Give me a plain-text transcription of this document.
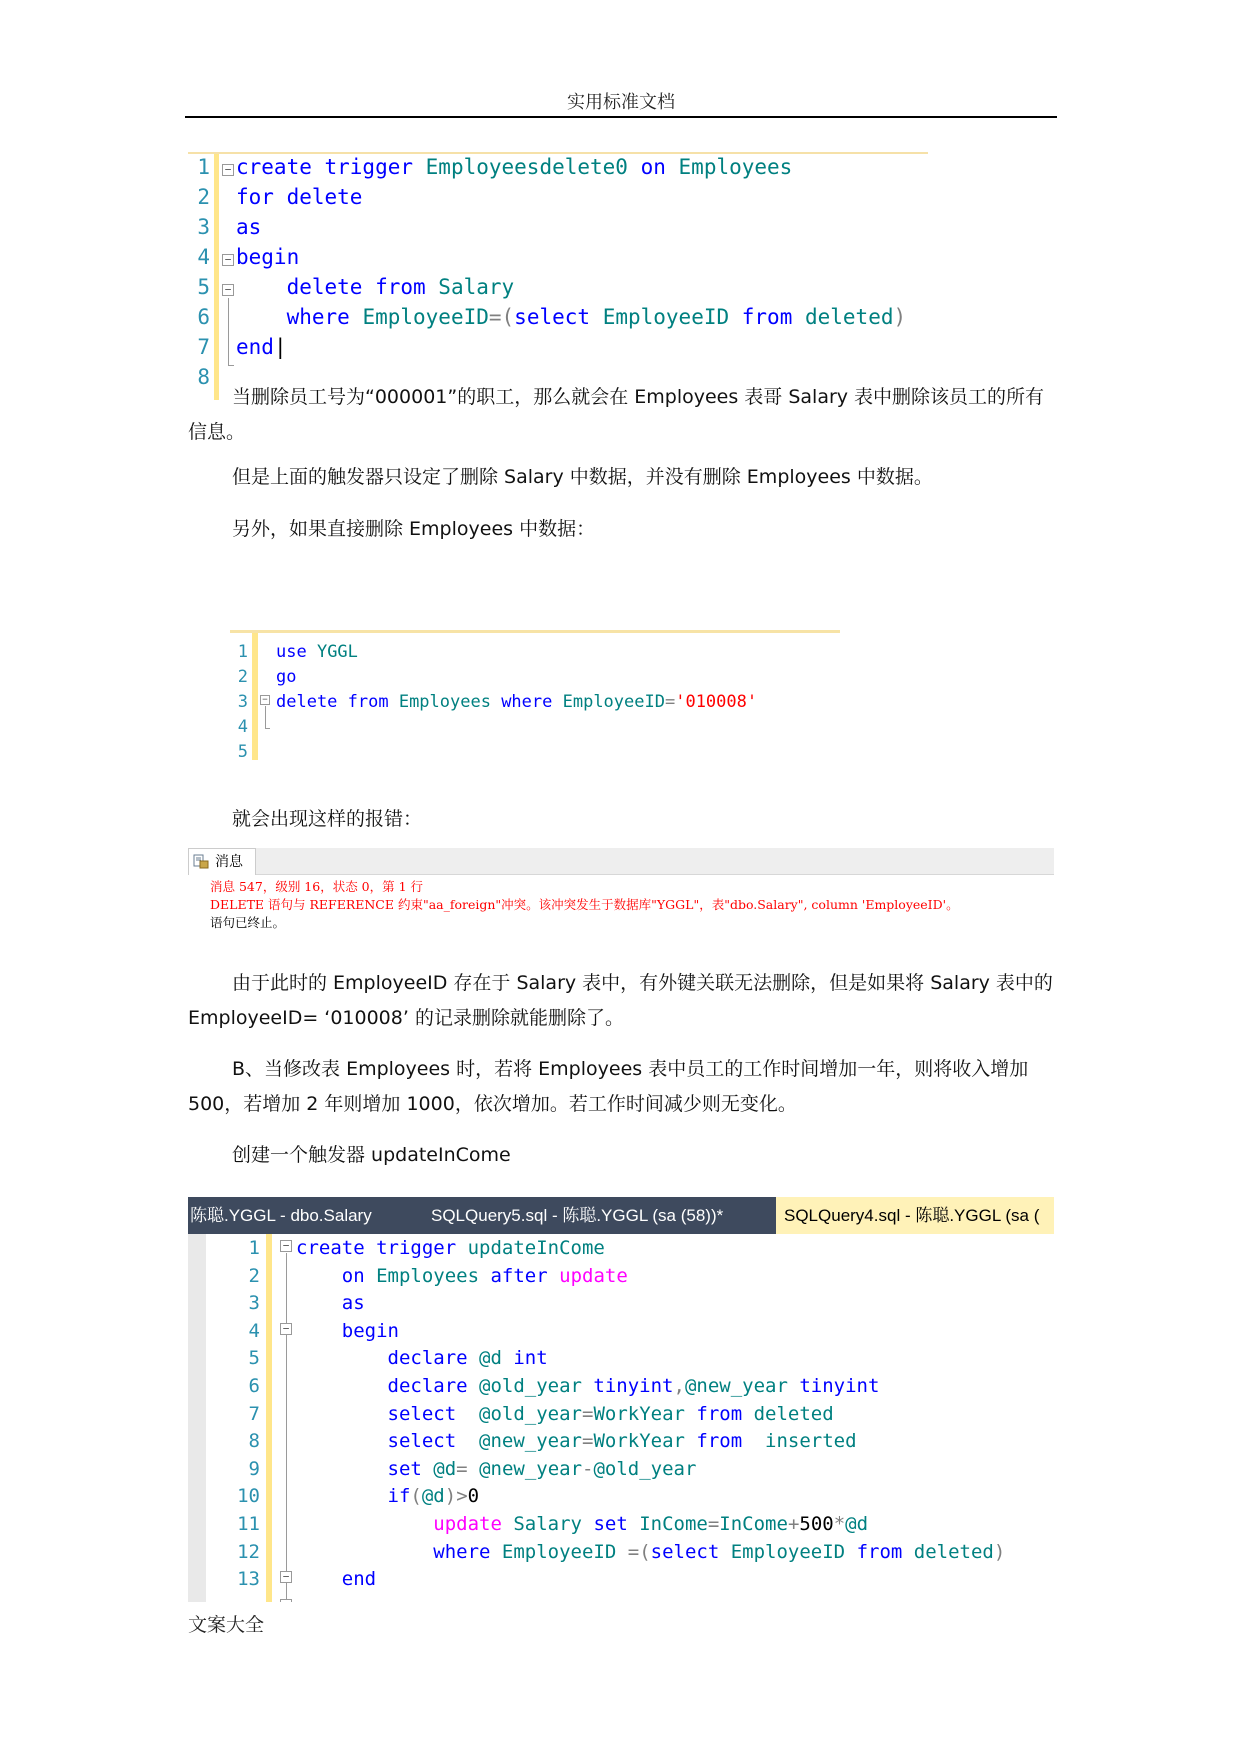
实用标准文档
1
2
3
4
5
6
7
8
create trigger Employeesdelete0 on Employees
for delete
as
begin
delete from Salary
where EmployeeID=(select EmployeeID from deleted)
end|
−
−
−
当删除员工号为“000001”的职工，那么就会在 Employees 表哥 Salary 表中删除该员工的所有信息。
但是上面的触发器只设定了删除 Salary 中数据，并没有删除 Employees 中数据。
另外，如果直接删除 Employees 中数据：
1
2
3
4
5
use YGGL
go
delete from Employees where EmployeeID='010008'
−
就会出现这样的报错：
消息
消息 547，级别 16，状态 0，第 1 行
DELETE 语句与 REFERENCE 约束"aa_foreign"冲突。该冲突发生于数据库"YGGL"，表"dbo.Salary", column 'EmployeeID'。
语句已终止。
由于此时的 EmployeeID 存在于 Salary 表中，有外键关联无法删除，但是如果将 Salary 表中的 EmployeeID= ‘010008’ 的记录删除就能删除了。
B、当修改表 Employees 时，若将 Employees 表中员工的工作时间增加一年，则将收入增加 500，若增加 2 年则增加 1000，依次增加。若工作时间减少则无变化。
创建一个触发器 updateInCome
陈聪.YGGL - dbo.Salary	SQLQuery5.sql - 陈聪.YGGL (sa (58))*	SQLQuery4.sql - 陈聪.YGGL (sa (
1
2
3
4
5
6
7
8
9
10
11
12
13
create trigger updateInCome
on Employees after update
as
begin
declare @d int
declare @old_year tinyint,@new_year tinyint
select  @old_year=WorkYear from deleted
select  @new_year=WorkYear from  inserted
set @d= @new_year-@old_year
if(@d)>0
update Salary set InCome=InCome+500*@d
where EmployeeID =(select EmployeeID from deleted)
end
−
−
−
文案大全
